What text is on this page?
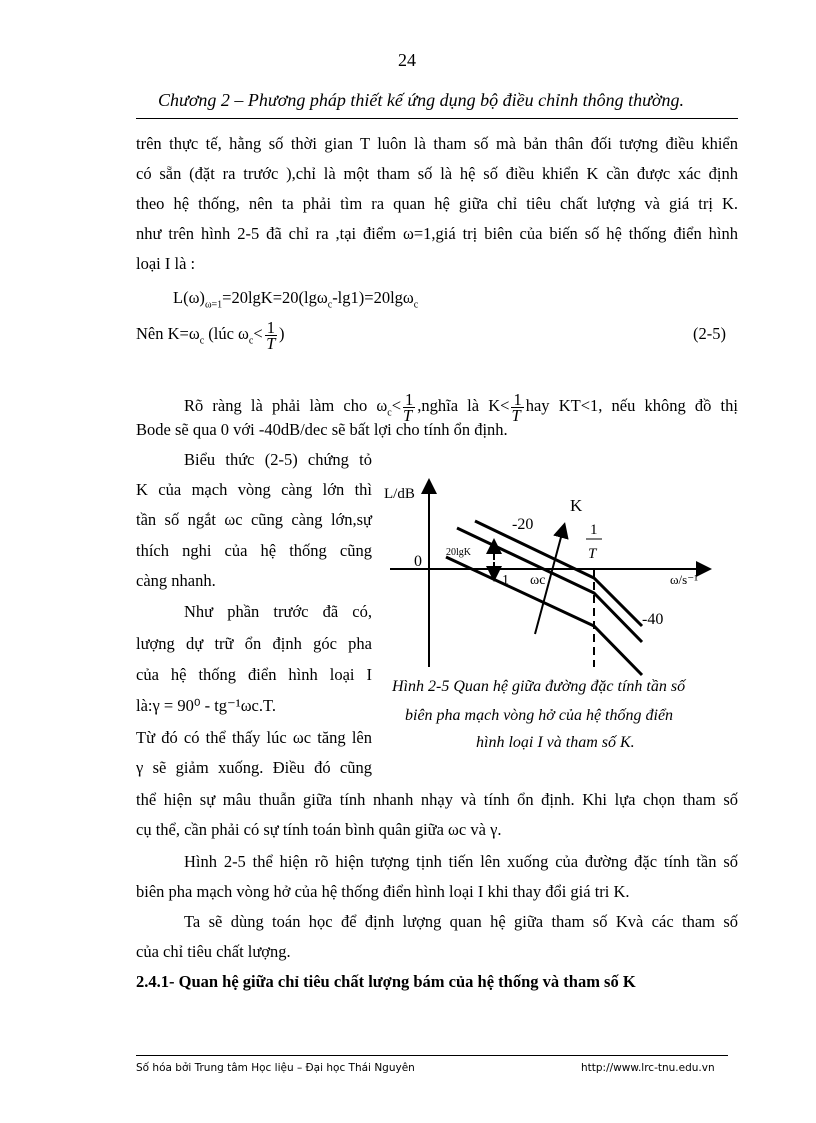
24
Chương 2 – Phương pháp thiết kế ứng dụng bộ điều chỉnh thông thường.
trên thực tế, hằng số thời gian T luôn là tham số mà bản thân đối tượng điều khiển
có sẵn (đặt ra trước ),chỉ là một tham số là hệ số điều khiển K cần được xác định
theo hệ thống, nên ta phải tìm ra quan hệ giữa chỉ tiêu chất lượng và giá trị K.
như trên hình 2-5 đã chỉ ra ,tại điểm ω=1,giá trị biên của biến số hệ thống điển hình
loại I là :
$L(\omega)_{\omega=1}=20\lg K=20(\lg\omega_c-\lg 1)=20\lg\omega_c$
Nên $K=\omega_c$ (lúc $\omega_c< \frac{1}{T}$ )	(2-5)
Rõ ràng là phải làm cho $\omega_c< \frac{1}{T}$ ,nghĩa là $K< \frac{1}{T}$ hay KT<1, nếu không đồ thị
Bode sẽ qua 0 với -40dB/dec sẽ bất lợi cho tính ổn định.
Biểu thức (2-5) chứng tỏ
K của mạch vòng càng lớn thì
tần số ngắt ωc cũng càng lớn,sự
thích nghi của hệ thống cũng
càng nhanh.
Như phần trước đã có,
lượng dự trữ ổn định góc pha
của hệ thống điển hình loại I
là:γ = 90⁰ - tg⁻¹ωc.T.
Từ đó có thể thấy lúc ωc tăng lên
γ sẽ giảm xuống. Điều đó cũng
L/dB
0
K
-20
-40
1
T
20lgK
1 ωc	ω/s⁻¹
Hình 2-5 Quan hệ giữa đường đặc tính tần số
biên pha mạch vòng hở của hệ thống điển
hình loại I và tham số K.
thể hiện sự mâu thuẫn giữa tính nhanh nhạy và tính ổn định. Khi lựa chọn tham số
cụ thể, cần phải có sự tính toán bình quân giữa ωc và γ.
Hình 2-5 thể hiện rõ hiện tượng tịnh tiến lên xuống của đường đặc tính tần số
biên pha mạch vòng hở của hệ thống điển hình loại I khi thay đổi giá tri K.
Ta sẽ dùng toán học để định lượng quan hệ giữa tham số Kvà các tham số
của chỉ tiêu chất lượng.
2.4.1- Quan hệ giữa chỉ tiêu chất lượng bám của hệ thống và tham số K
Số hóa bởi Trung tâm Học liệu – Đại học Thái Nguyên	http://www.lrc-tnu.edu.vn
